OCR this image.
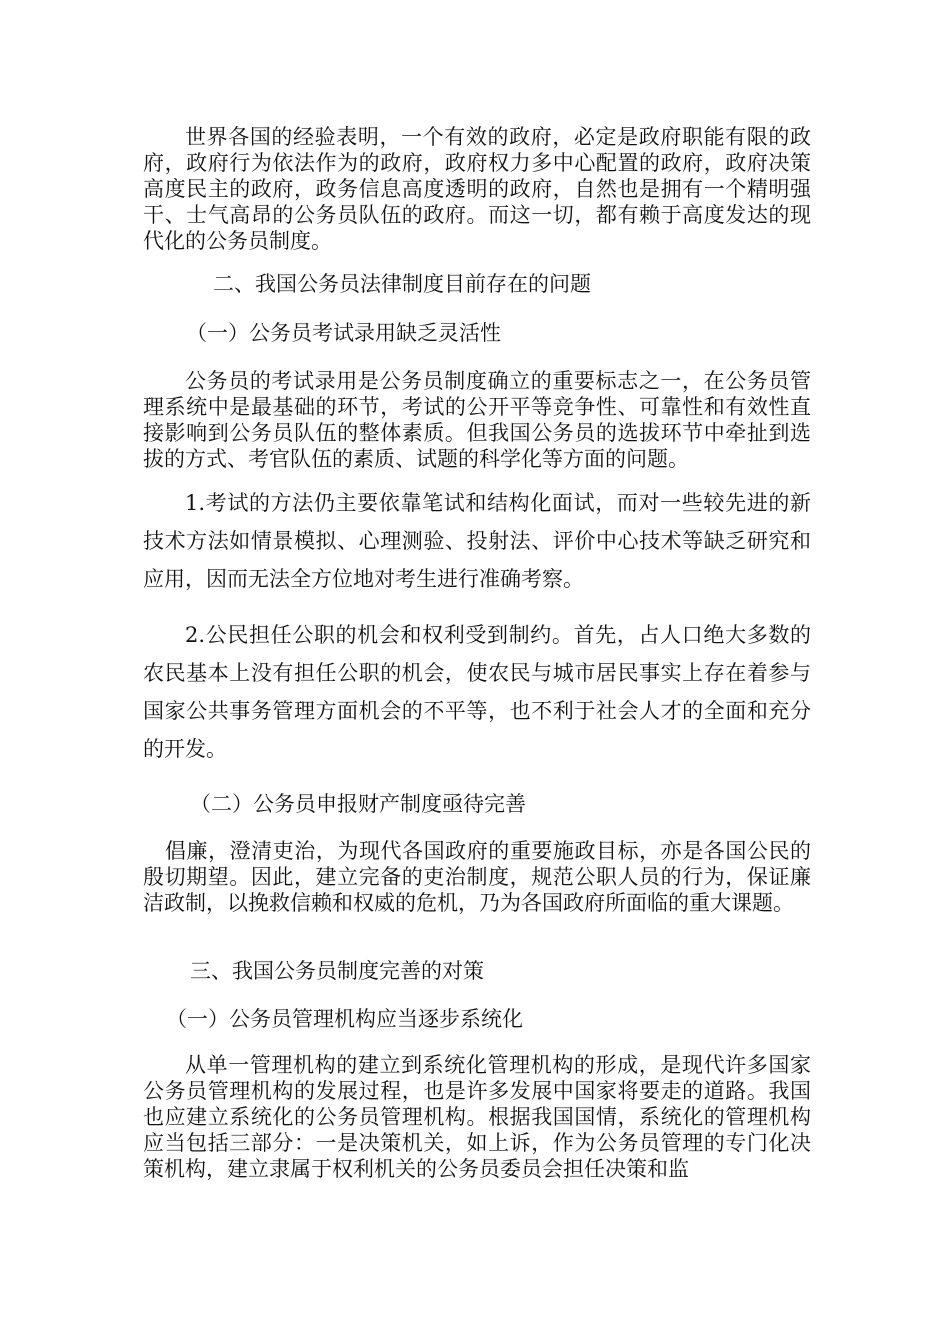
世界各国的经验表明，一个有效的政府，必定是政府职能有限的政府，政府行为依法作为的政府，政府权力多中心配置的政府，政府决策高度民主的政府，政务信息高度透明的政府，自然也是拥有一个精明强干、士气高昂的公务员队伍的政府。而这一切，都有赖于高度发达的现代化的公务员制度。

二、我国公务员法律制度目前存在的问题
（一）公务员考试录用缺乏灵活性

公务员的考试录用是公务员制度确立的重要标志之一，在公务员管理系统中是最基础的环节，考试的公开平等竞争性、可靠性和有效性直接影响到公务员队伍的整体素质。但我国公务员的选拔环节中牵扯到选拔的方式、考官队伍的素质、试题的科学化等方面的问题。

1.考试的方法仍主要依靠笔试和结构化面试，而对一些较先进的新技术方法如情景模拟、心理测验、投射法、评价中心技术等缺乏研究和应用，因而无法全方位地对考生进行准确考察。

2.公民担任公职的机会和权利受到制约。首先，占人口绝大多数的农民基本上没有担任公职的机会，使农民与城市居民事实上存在着参与国家公共事务管理方面机会的不平等，也不利于社会人才的全面和充分的开发。

（二）公务员申报财产制度亟待完善

倡廉，澄清吏治，为现代各国政府的重要施政目标，亦是各国公民的殷切期望。因此，建立完备的吏治制度，规范公职人员的行为，保证廉洁政制，以挽救信赖和权威的危机，乃为各国政府所面临的重大课题。

三、我国公务员制度完善的对策
（一）公务员管理机构应当逐步系统化

从单一管理机构的建立到系统化管理机构的形成，是现代许多国家公务员管理机构的发展过程，也是许多发展中国家将要走的道路。我国也应建立系统化的公务员管理机构。根据我国国情，系统化的管理机构应当包括三部分：一是决策机关，如上诉，作为公务员管理的专门化决策机构，建立隶属于权利机关的公务员委员会担任决策和监
